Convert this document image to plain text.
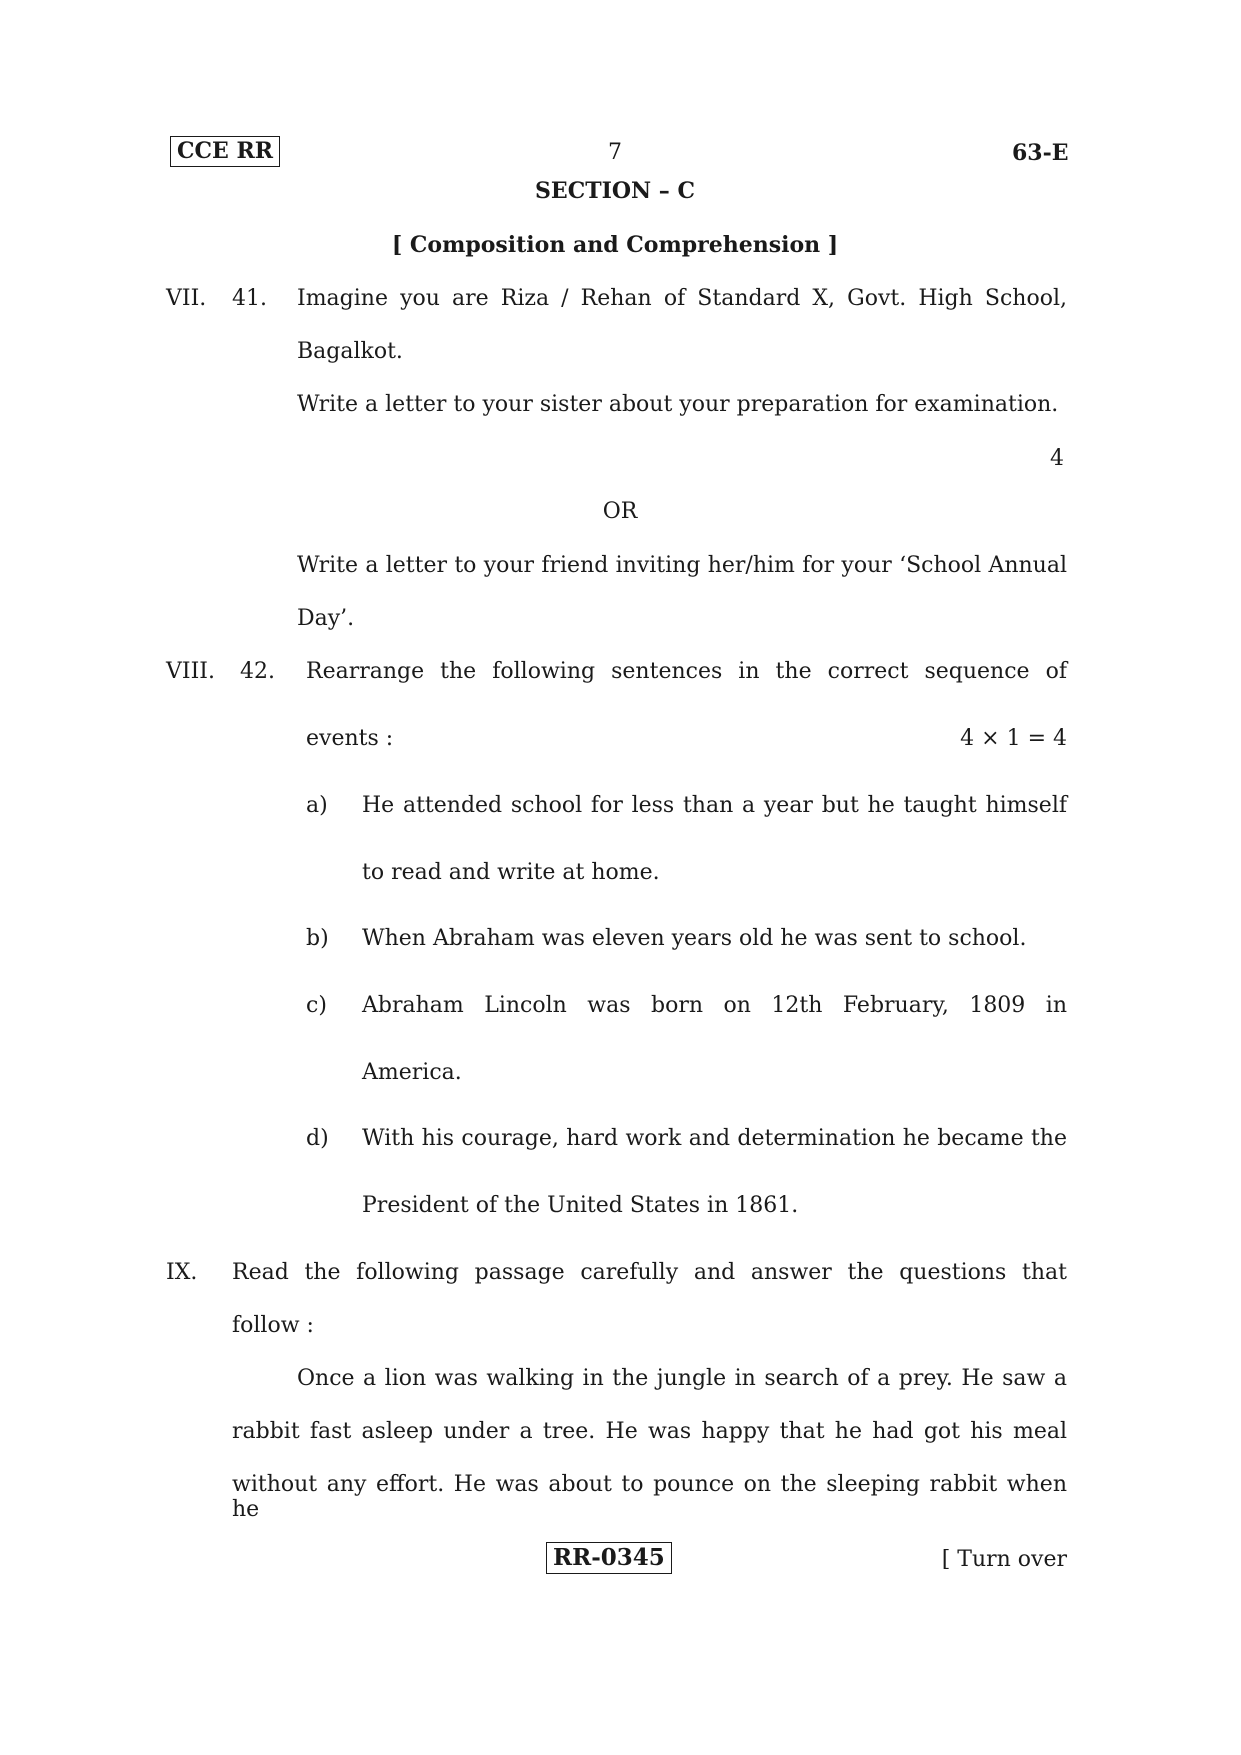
CCE RR	7	63-E
SECTION – C
[ Composition and Comprehension ]
VII. 41. Imagine you are Riza / Rehan of Standard X, Govt. High School,
Bagalkot.
Write a letter to your sister about your preparation for examination.
4
OR
Write a letter to your friend inviting her/him for your ‘School Annual
Day’.
VIII. 42. Rearrange the following sentences in the correct sequence of
events :	4 × 1 = 4
a) He attended school for less than a year but he taught himself
to read and write at home.
b) When Abraham was eleven years old he was sent to school.
c) Abraham Lincoln was born on 12th February, 1809 in
America.
d) With his courage, hard work and determination he became the
President of the United States in 1861.
IX. Read the following passage carefully and answer the questions that
follow :
Once a lion was walking in the jungle in search of a prey. He saw a
rabbit fast asleep under a tree. He was happy that he had got his meal
without any effort. He was about to pounce on the sleeping rabbit when he
RR-0345	[ Turn over
